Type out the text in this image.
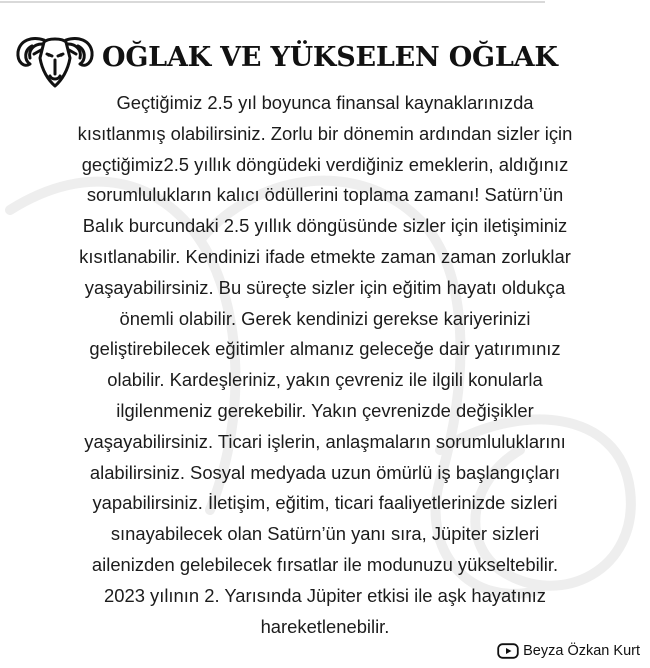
OĞLAK VE YÜKSELEN OĞLAK
Geçtiğimiz 2.5 yıl boyunca finansal kaynaklarınızda
kısıtlanmış olabilirsiniz. Zorlu bir dönemin ardından sizler için
geçtiğimiz2.5 yıllık döngüdeki verdiğiniz emeklerin, aldığınız
sorumlulukların kalıcı ödüllerini toplama zamanı! Satürn’ün
Balık burcundaki 2.5 yıllık döngüsünde sizler için iletişiminiz
kısıtlanabilir. Kendinizi ifade etmekte zaman zaman zorluklar
yaşayabilirsiniz. Bu süreçte sizler için eğitim hayatı oldukça
önemli olabilir. Gerek kendinizi gerekse kariyerinizi
geliştirebilecek eğitimler almanız geleceğe dair yatırımınız
olabilir. Kardeşleriniz, yakın çevreniz ile ilgili konularla
ilgilenmeniz gerekebilir. Yakın çevrenizde değişikler
yaşayabilirsiniz. Ticari işlerin, anlaşmaların sorumluluklarını
alabilirsiniz. Sosyal medyada uzun ömürlü iş başlangıçları
yapabilirsiniz. İletişim, eğitim, ticari faaliyetlerinizde sizleri
sınayabilecek olan Satürn’ün yanı sıra, Jüpiter sizleri
ailenizden gelebilecek fırsatlar ile modunuzu yükseltebilir.
2023 yılının 2. Yarısında Jüpiter etkisi ile aşk hayatınız
hareketlenebilir.
Beyza Özkan Kurt
